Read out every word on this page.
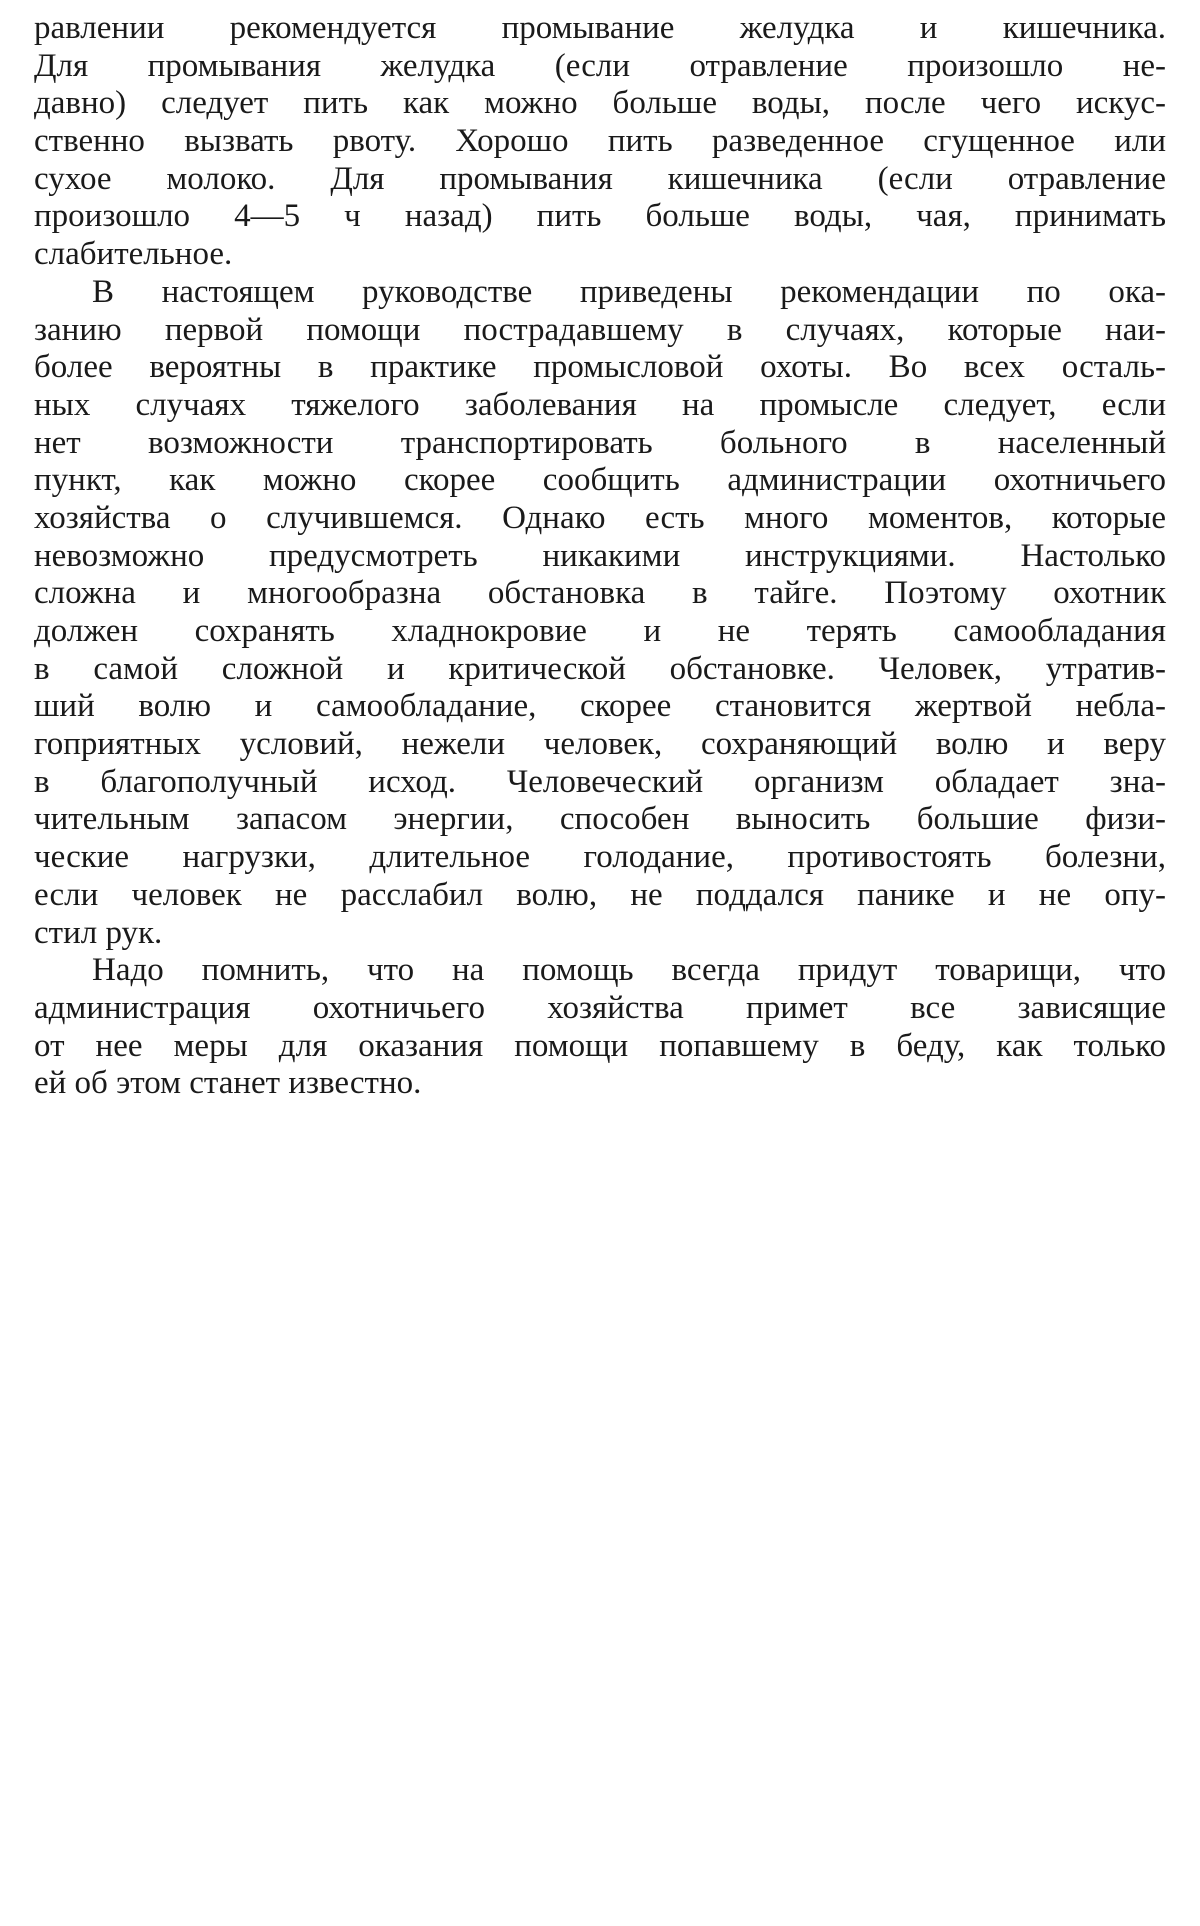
равлении рекомендуется промывание желудка и кишечника.
Для промывания желудка (если отравление произошло не-
давно) следует пить как можно больше воды, после чего искус-
ственно вызвать рвоту. Хорошо пить разведенное сгущенное или
сухое молоко. Для промывания кишечника (если отравление
произошло 4—5 ч назад) пить больше воды, чая, принимать
слабительное.
В настоящем руководстве приведены рекомендации по ока-
занию первой помощи пострадавшему в случаях, которые наи-
более вероятны в практике промысловой охоты. Во всех осталь-
ных случаях тяжелого заболевания на промысле следует, если
нет возможности транспортировать больного в населенный
пункт, как можно скорее сообщить администрации охотничьего
хозяйства о случившемся. Однако есть много моментов, которые
невозможно предусмотреть никакими инструкциями. Настолько
сложна и многообразна обстановка в тайге. Поэтому охотник
должен сохранять хладнокровие и не терять самообладания
в самой сложной и критической обстановке. Человек, утратив-
ший волю и самообладание, скорее становится жертвой небла-
гоприятных условий, нежели человек, сохраняющий волю и веру
в благополучный исход. Человеческий организм обладает зна-
чительным запасом энергии, способен выносить большие физи-
ческие нагрузки, длительное голодание, противостоять болезни,
если человек не расслабил волю, не поддался панике и не опу-
стил рук.
Надо помнить, что на помощь всегда придут товарищи, что
администрация охотничьего хозяйства примет все зависящие
от нее меры для оказания помощи попавшему в беду, как только
ей об этом станет известно.
